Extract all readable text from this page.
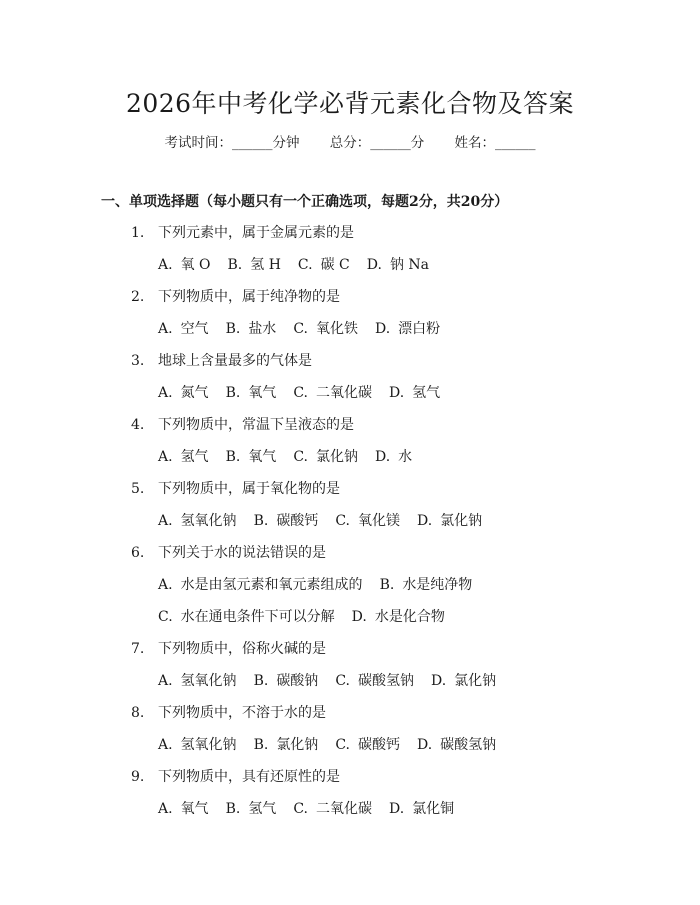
2026年中考化学必背元素化合物及答案
考试时间：______分钟 总分：______分 姓名：______
一、单项选择题（每小题只有一个正确选项，每题2分，共20分）
1. 下列元素中，属于金属元素的是
A. 氧 O B. 氢 H C. 碳 C D. 钠 Na
2. 下列物质中，属于纯净物的是
A. 空气 B. 盐水 C. 氧化铁 D. 漂白粉
3. 地球上含量最多的气体是
A. 氮气 B. 氧气 C. 二氧化碳 D. 氢气
4. 下列物质中，常温下呈液态的是
A. 氢气 B. 氧气 C. 氯化钠 D. 水
5. 下列物质中，属于氧化物的是
A. 氢氧化钠 B. 碳酸钙 C. 氧化镁 D. 氯化钠
6. 下列关于水的说法错误的是
A. 水是由氢元素和氧元素组成的 B. 水是纯净物
C. 水在通电条件下可以分解 D. 水是化合物
7. 下列物质中，俗称火碱的是
A. 氢氧化钠 B. 碳酸钠 C. 碳酸氢钠 D. 氯化钠
8. 下列物质中，不溶于水的是
A. 氢氧化钠 B. 氯化钠 C. 碳酸钙 D. 碳酸氢钠
9. 下列物质中，具有还原性的是
A. 氧气 B. 氢气 C. 二氧化碳 D. 氯化铜
